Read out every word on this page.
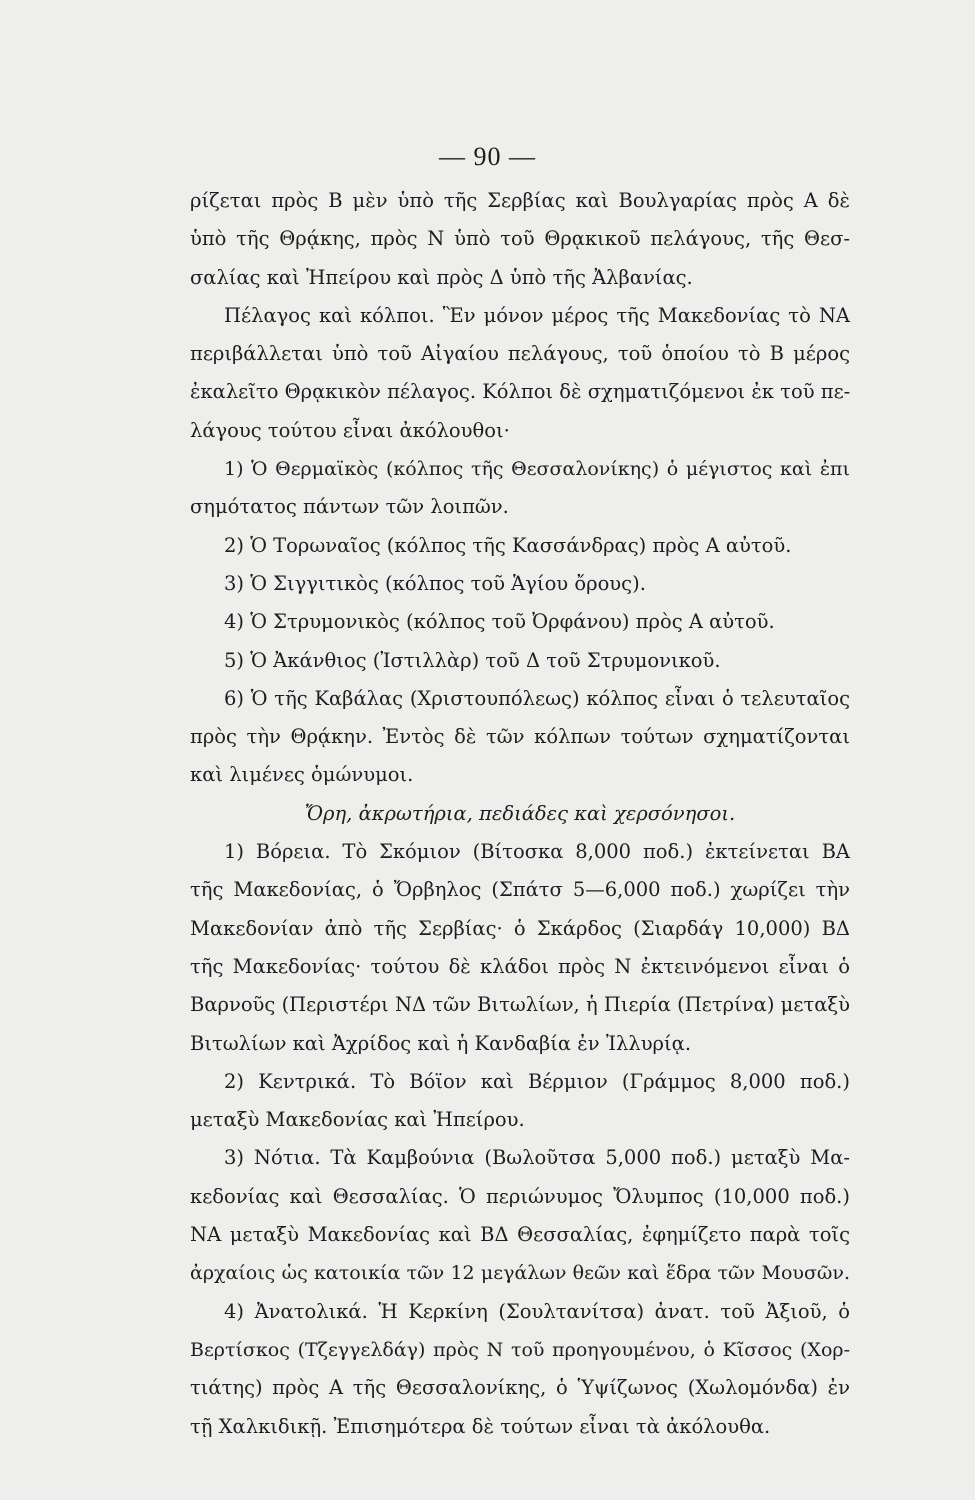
— 90 —
ρίζεται πρὸς Β μὲν ὑπὸ τῆς Σερβίας καὶ Βουλγαρίας πρὸς Α δὲ
ὑπὸ τῆς Θρᾴκης, πρὸς Ν ὑπὸ τοῦ Θρᾳκικοῦ πελάγους, τῆς Θεσ-
σαλίας καὶ Ἠπείρου καὶ πρὸς Δ ὑπὸ τῆς Ἀλβανίας.
Πέλαγος καὶ κόλποι. Ἓν μόνον μέρος τῆς Μακεδονίας τὸ ΝΑ
περιβάλλεται ὑπὸ τοῦ Αἰγαίου πελάγους, τοῦ ὁποίου τὸ Β μέρος
ἐκαλεῖτο Θρᾳκικὸν πέλαγος. Κόλποι δὲ σχηματιζόμενοι ἐκ τοῦ πε-
λάγους τούτου εἶναι ἀκόλουθοι·
1) Ὁ Θερμαϊκὸς (κόλπος τῆς Θεσσαλονίκης) ὁ μέγιστος καὶ ἐπι
σημότατος πάντων τῶν λοιπῶν.
2) Ὁ Τορωναῖος (κόλπος τῆς Κασσάνδρας) πρὸς Α αὐτοῦ.
3) Ὁ Σιγγιτικὸς (κόλπος τοῦ Ἁγίου ὄρους).
4) Ὁ Στρυμονικὸς (κόλπος τοῦ Ὀρφάνου) πρὸς Α αὐτοῦ.
5) Ὁ Ἀκάνθιος (Ἰστιλλὰρ) τοῦ Δ τοῦ Στρυμονικοῦ.
6) Ὁ τῆς Καβάλας (Χριστουπόλεως) κόλπος εἶναι ὁ τελευταῖος
πρὸς τὴν Θρᾴκην. Ἐντὸς δὲ τῶν κόλπων τούτων σχηματίζονται
καὶ λιμένες ὁμώνυμοι.
Ὄρη, ἀκρωτήρια, πεδιάδες καὶ χερσόνησοι.
1) Βόρεια. Τὸ Σκόμιον (Βίτοσκα 8,000 ποδ.) ἐκτείνεται ΒΑ
τῆς Μακεδονίας, ὁ Ὄρβηλος (Σπάτσ 5—6,000 ποδ.) χωρίζει τὴν
Μακεδονίαν ἀπὸ τῆς Σερβίας· ὁ Σκάρδος (Σιαρδάγ 10,000) ΒΔ
τῆς Μακεδονίας· τούτου δὲ κλάδοι πρὸς Ν ἐκτεινόμενοι εἶναι ὁ
Βαρνοῦς (Περιστέρι ΝΔ τῶν Βιτωλίων, ἡ Πιερία (Πετρίνα) μεταξὺ
Βιτωλίων καὶ Ἀχρίδος καὶ ἡ Κανδαβία ἐν Ἰλλυρίᾳ.
2) Κεντρικά. Τὸ Βόϊον καὶ Βέρμιον (Γράμμος 8,000 ποδ.)
μεταξὺ Μακεδονίας καὶ Ἠπείρου.
3) Νότια. Τὰ Καμβούνια (Βωλοῦτσα 5,000 ποδ.) μεταξὺ Μα-
κεδονίας καὶ Θεσσαλίας. Ὁ περιώνυμος Ὄλυμπος (10,000 ποδ.)
ΝΑ μεταξὺ Μακεδονίας καὶ ΒΔ Θεσσαλίας, ἐφημίζετο παρὰ τοῖς
ἀρχαίοις ὡς κατοικία τῶν 12 μεγάλων θεῶν καὶ ἕδρα τῶν Μουσῶν.
4) Ἀνατολικά. Ἡ Κερκίνη (Σουλτανίτσα) ἀνατ. τοῦ Ἀξιοῦ, ὁ
Βερτίσκος (Τζεγγελδάγ) πρὸς Ν τοῦ προηγουμένου, ὁ Κῖσσος (Χορ-
τιάτης) πρὸς Α τῆς Θεσσαλονίκης, ὁ Ὑψίζωνος (Χωλομόνδα) ἐν
τῇ Χαλκιδικῇ. Ἐπισημότερα δὲ τούτων εἶναι τὰ ἀκόλουθα.
